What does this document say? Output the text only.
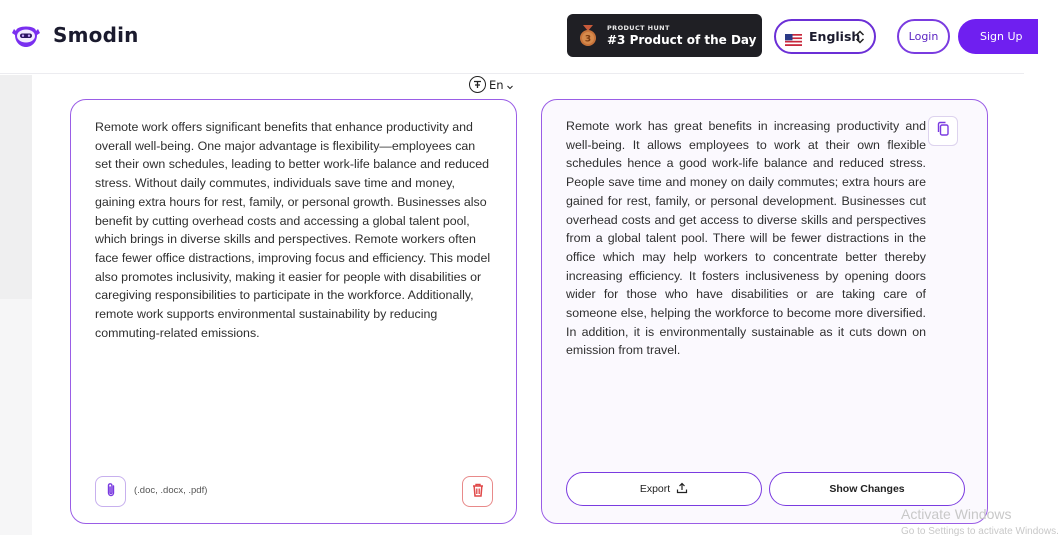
Smodin	3
PRODUCT HUNT
#3 Product of the Day	English	Login	Sign Up
En
Remote work offers significant benefits that enhance productivity and overall well-being. One major advantage is flexibility—employees can set their own schedules, leading to better work-life balance and reduced stress. Without daily commutes, individuals save time and money, gaining extra hours for rest, family, or personal growth. Businesses also benefit by cutting overhead costs and accessing a global talent pool, which brings in diverse skills and perspectives. Remote workers often face fewer office distractions, improving focus and efficiency. This model also promotes inclusivity, making it easier for people with disabilities or caregiving responsibilities to participate in the workforce. Additionally, remote work supports environmental sustainability by reducing commuting-related emissions.
(.doc, .docx, .pdf)
Remote work has great benefits in increasing productivity and well-being. It allows employees to work at their own flexible schedules hence a good work-life balance and reduced stress. People save time and money on daily commutes; extra hours are gained for rest, family, or personal development. Businesses cut overhead costs and get access to diverse skills and perspectives from a global talent pool. There will be fewer distractions in the office which may help workers to concentrate better thereby increasing efficiency. It fosters inclusiveness by opening doors wider for those who have disabilities or are taking care of someone else, helping the workforce to become more diversified. In addition, it is environmentally sustainable as it cuts down on emission from travel.
Export	Show Changes
Activate Windows
Go to Settings to activate Windows.
